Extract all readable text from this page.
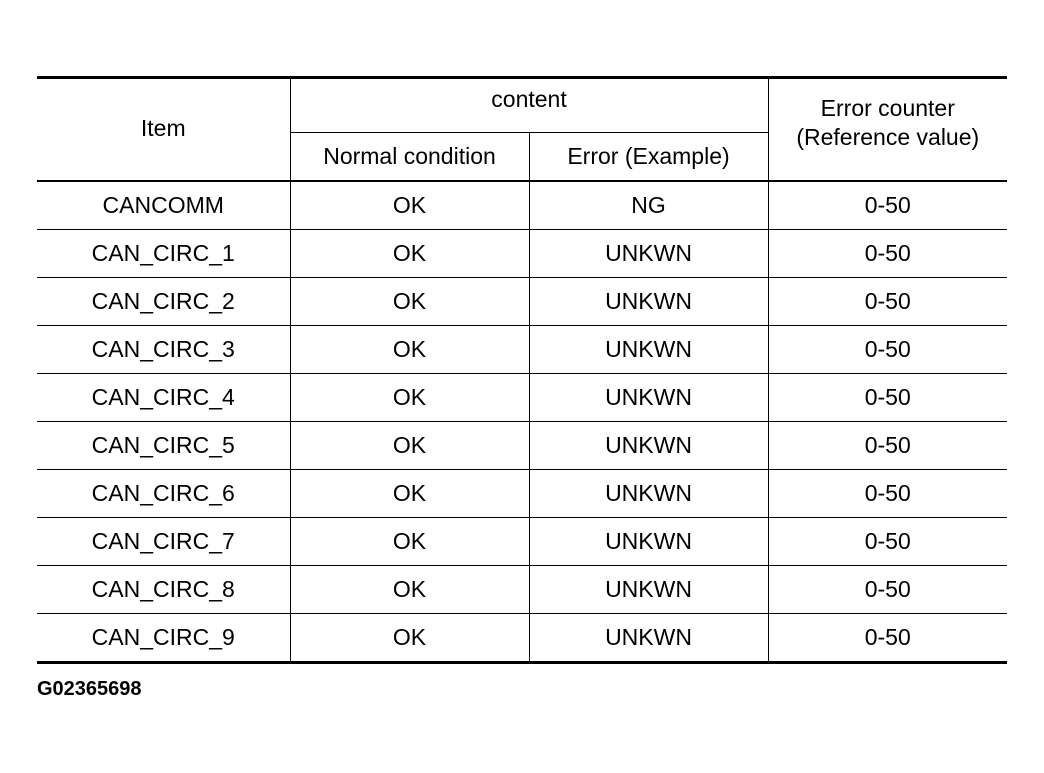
Item	content		Error counter
(Reference value)
	Normal condition	Error (Example)	
CANCOMM	OK	NG	0-50
CAN_CIRC_1	OK	UNKWN	0-50
CAN_CIRC_2	OK	UNKWN	0-50
CAN_CIRC_3	OK	UNKWN	0-50
CAN_CIRC_4	OK	UNKWN	0-50
CAN_CIRC_5	OK	UNKWN	0-50
CAN_CIRC_6	OK	UNKWN	0-50
CAN_CIRC_7	OK	UNKWN	0-50
CAN_CIRC_8	OK	UNKWN	0-50
CAN_CIRC_9	OK	UNKWN	0-50
G02365698
